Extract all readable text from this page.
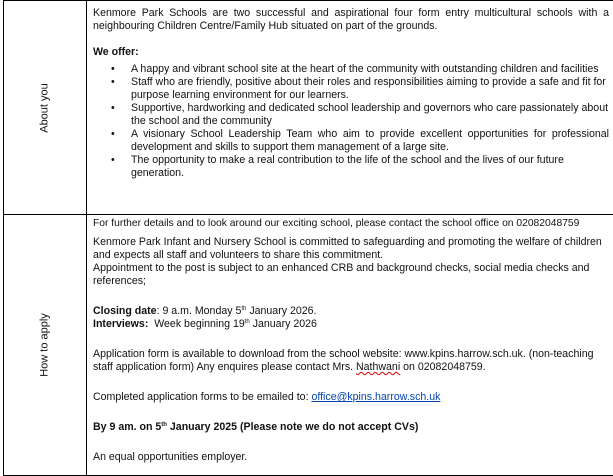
About you

Kenmore Park Schools are two successful and aspirational four form entry multicultural schools with a neighbouring Children Centre/Family Hub situated on part of the grounds.

We offer:

• A happy and vibrant school site at the heart of the community with outstanding children and facilities
• Staff who are friendly, positive about their roles and responsibilities aiming to provide a safe and fit for purpose learning environment for our learners.
• Supportive, hardworking and dedicated school leadership and governors who care passionately about the school and the community
• A visionary School Leadership Team who aim to provide excellent opportunities for professional development and skills to support them management of a large site.
• The opportunity to make a real contribution to the life of the school and the lives of our future generation.
How to apply

For further details and to look around our exciting school, please contact the school office on 02082048759

Kenmore Park Infant and Nursery School is committed to safeguarding and promoting the welfare of children and expects all staff and volunteers to share this commitment.

Appointment to the post is subject to an enhanced CRB and background checks, social media checks and references;

Closing date: 9 a.m. Monday 5th January 2026.

Interviews:  Week beginning 19th January 2026

Application form is available to download from the school website: www.kpins.harrow.sch.uk. (non-teaching staff application form) Any enquires please contact Mrs. Nathwani on 02082048759.

Completed application forms to be emailed to: office@kpins.harrow.sch.uk

By 9 am. on 5th January 2025 (Please note we do not accept CVs)

An equal opportunities employer.
